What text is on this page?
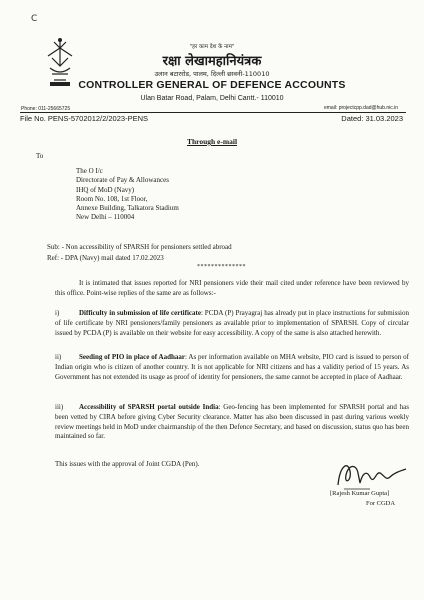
C
"हर काम देश के नाम"
रक्षा लेखामहानियंत्रक
उलान बटाररोड, पालम, दिल्ली छावनी-110010
CONTROLLER GENERAL OF DEFENCE ACCOUNTS
Ulan Batar Road, Palam, Delhi Cantt.- 110010
Phone: 011-25665725	email: projectcpp.dad@hub.nic.in
File No. PENS-5702012/2/2023-PENS	Dated: 31.03.2023
Through e-mail
To
The O I/c
Directorate of Pay & Allowances
IHQ of MoD (Navy)
Room No. 108, 1st Floor,
Annexe Building, Talkatora Stadium
New Delhi – 110004
Sub: - Non accessibility of SPARSH for pensioners settled abroad
Ref: - DPA (Navy) mail dated 17.02.2023
**************
It is intimated that issues reported for NRI pensioners vide their mail cited under reference have been reviewed by this office. Point-wise replies of the same are as follows:-
i)	Difficulty in submission of life certificate: PCDA (P) Prayagraj has already put in place instructions for submission of life certificate by NRI pensioners/family pensioners as available prior to implementation of SPARSH. Copy of circular issued by PCDA (P) is available on their website for easy accessibility. A copy of the same is also attached herewith.
ii)	Seeding of PIO in place of Aadhaar: As per information available on MHA website, PIO card is issued to person of Indian origin who is citizen of another country. It is not applicable for NRI citizens and has a validity period of 15 years. As Government has not extended its usage as proof of identity for pensioners, the same cannot be accepted in place of Aadhaar.
iii) Accessibility of SPARSH portal outside India: Geo-fencing has been implemented for SPARSH portal and has been vetted by CIRA before giving Cyber Security clearance. Matter has also been discussed in past during various weekly review meetings held in MoD under chairmanship of the then Defence Secretary, and based on discussion, status quo has been maintained so far.
This issues with the approval of Joint CGDA (Pen).
[Rajesh Kumar Gupta]
For CGDA
